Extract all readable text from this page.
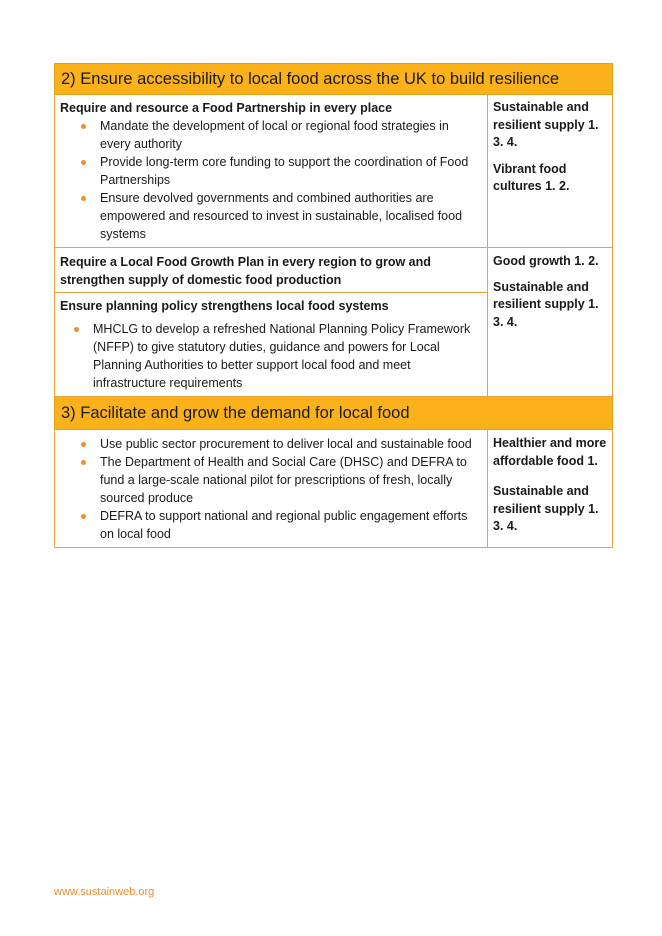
2) Ensure accessibility to local food across the UK to build resilience
Require and resource a Food Partnership in every place
Mandate the development of local or regional food strategies in every authority
Provide long-term core funding to support the coordination of Food Partnerships
Ensure devolved governments and combined authorities are empowered and resourced to invest in sustainable, localised food systems
Sustainable and resilient supply 1. 3. 4.
Vibrant food cultures 1. 2.
Require a Local Food Growth Plan in every region to grow and strengthen supply of domestic food production
Ensure planning policy strengthens local food systems
MHCLG to develop a refreshed National Planning Policy Framework (NFFP) to give statutory duties, guidance and powers for Local Planning Authorities to better support local food and meet infrastructure requirements
Good growth 1. 2.
Sustainable and resilient supply 1. 3. 4.
3) Facilitate and grow the demand for local food
Use public sector procurement to deliver local and sustainable food
The Department of Health and Social Care (DHSC) and DEFRA to fund a large-scale national pilot for prescriptions of fresh, locally sourced produce
DEFRA to support national and regional public engagement efforts on local food
Healthier and more affordable food 1.
Sustainable and resilient supply 1. 3. 4.
www.sustainweb.org
